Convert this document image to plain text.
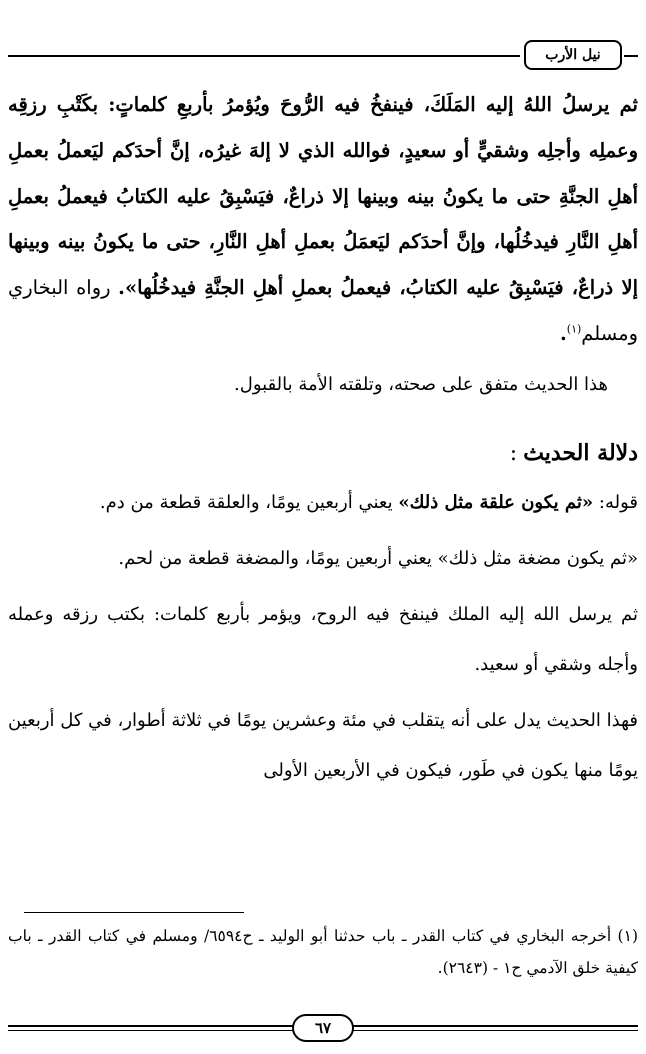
نيل الأرب

ثم يرسلُ اللهُ إليه المَلَكَ، فينفخُ فيه الرُّوحَ ويُؤمرُ بأربعِ كلماتٍ: بكَتْبِ رزقِه وعملِه وأجلِه وشقيٍّ أو سعيدٍ، فوالله الذي لا إلهَ غيرُه، إنَّ أحدَكم ليَعملُ بعملِ أهلِ الجنَّةِ حتى ما يكونُ بينه وبينها إلا ذراعٌ، فيَسْبِقُ عليه الكتابُ فيعملُ بعملِ أهلِ النَّارِ فيدخُلُها، وإنَّ أحدَكم ليَعمَلُ بعملِ أهلِ النَّارِ، حتى ما يكونُ بينه وبينها إلا ذراعٌ، فيَسْبِقُ عليه الكتابُ، فيعملُ بعملِ أهلِ الجنَّةِ فيدخُلُها». رواه البخاري ومسلم$^{(١)}$.

هذا الحديث متفق على صحته، وتلقته الأمة بالقبول.

دلالة الحديث:

قوله: «ثم يكون علقة مثل ذلك» يعني أربعين يومًا، والعلقة قطعة من دم.

«ثم يكون مضغة مثل ذلك» يعني أربعين يومًا، والمضغة قطعة من لحم.

ثم يرسل الله إليه الملك فينفخ فيه الروح، ويؤمر بأربع كلمات: بكتب رزقه وعمله وأجله وشقي أو سعيد.

فهذا الحديث يدل على أنه يتقلب في مئة وعشرين يومًا في ثلاثة أطوار، في كل أربعين يومًا منها يكون في طَور، فيكون في الأربعين الأولى

(١) أخرجه البخاري في كتاب القدر ـ باب حدثنا أبو الوليد ـ ح٦٥٩٤/ ومسلم في كتاب القدر ـ باب كيفية خلق الآدمي ح١ - (٢٦٤٣).

٦٧
